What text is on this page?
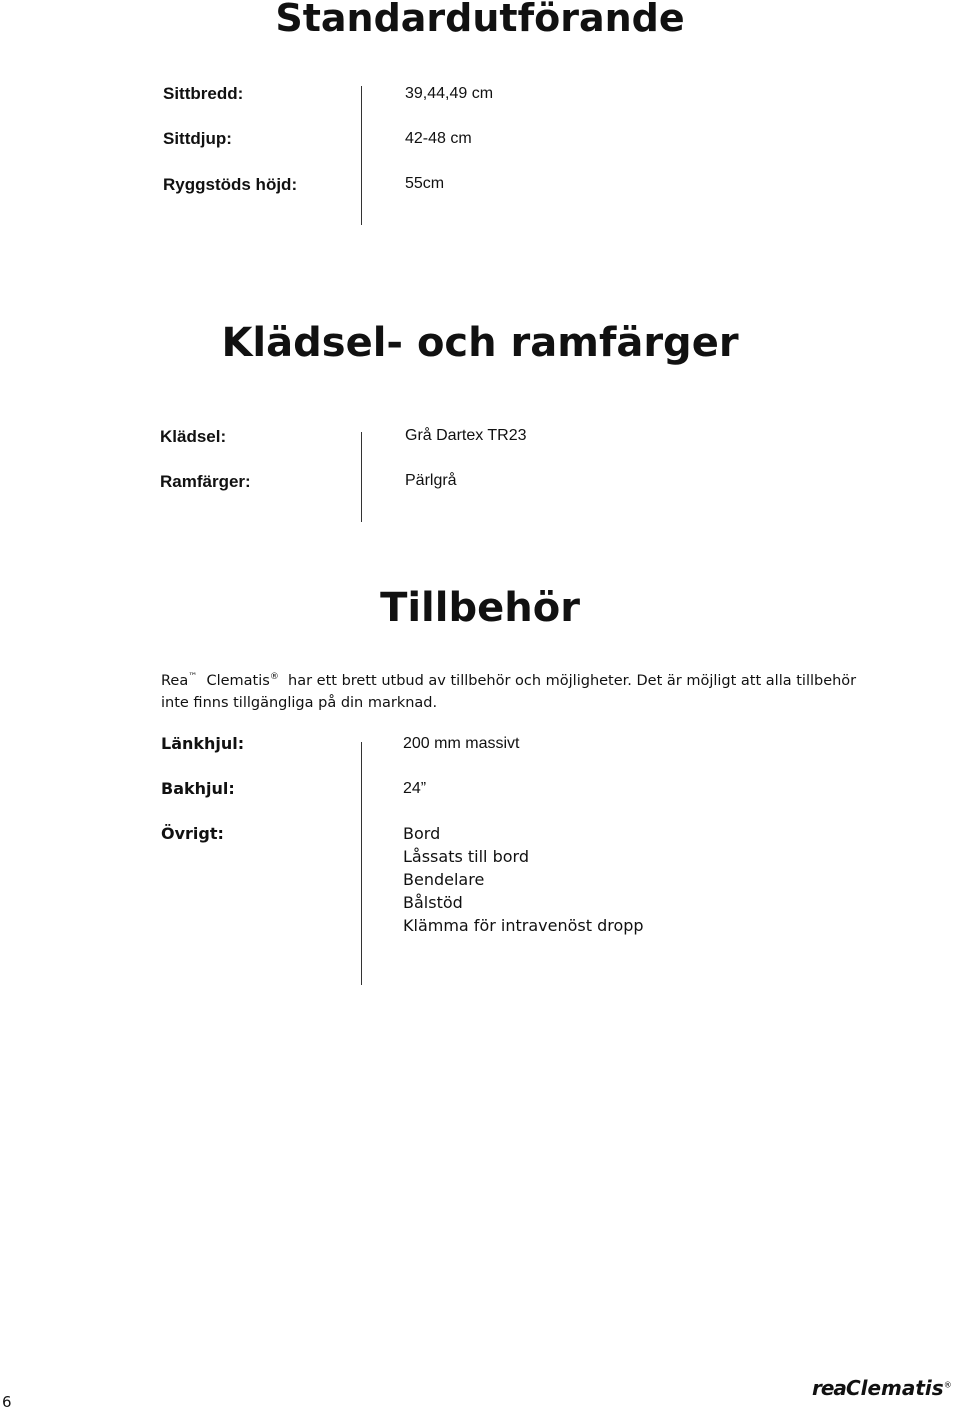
Standardutförande
Sittbredd:	39,44,49 cm
Sittdjup:	42-48 cm
Ryggstöds höjd:	55cm
Klädsel- och ramfärger
Klädsel:	Grå Dartex TR23
Ramfärger:	Pärlgrå
Tillbehör
Rea™ Clematis® har ett brett utbud av tillbehör och möjligheter. Det är möjligt att alla tillbehör
inte finns tillgängliga på din marknad.
Länkhjul:	200 mm massivt
Bakhjul:	24”
Övrigt:	Bord
Låssats till bord
Bendelare
Bålstöd
Klämma för intravenöst dropp
6
reaClematis®
